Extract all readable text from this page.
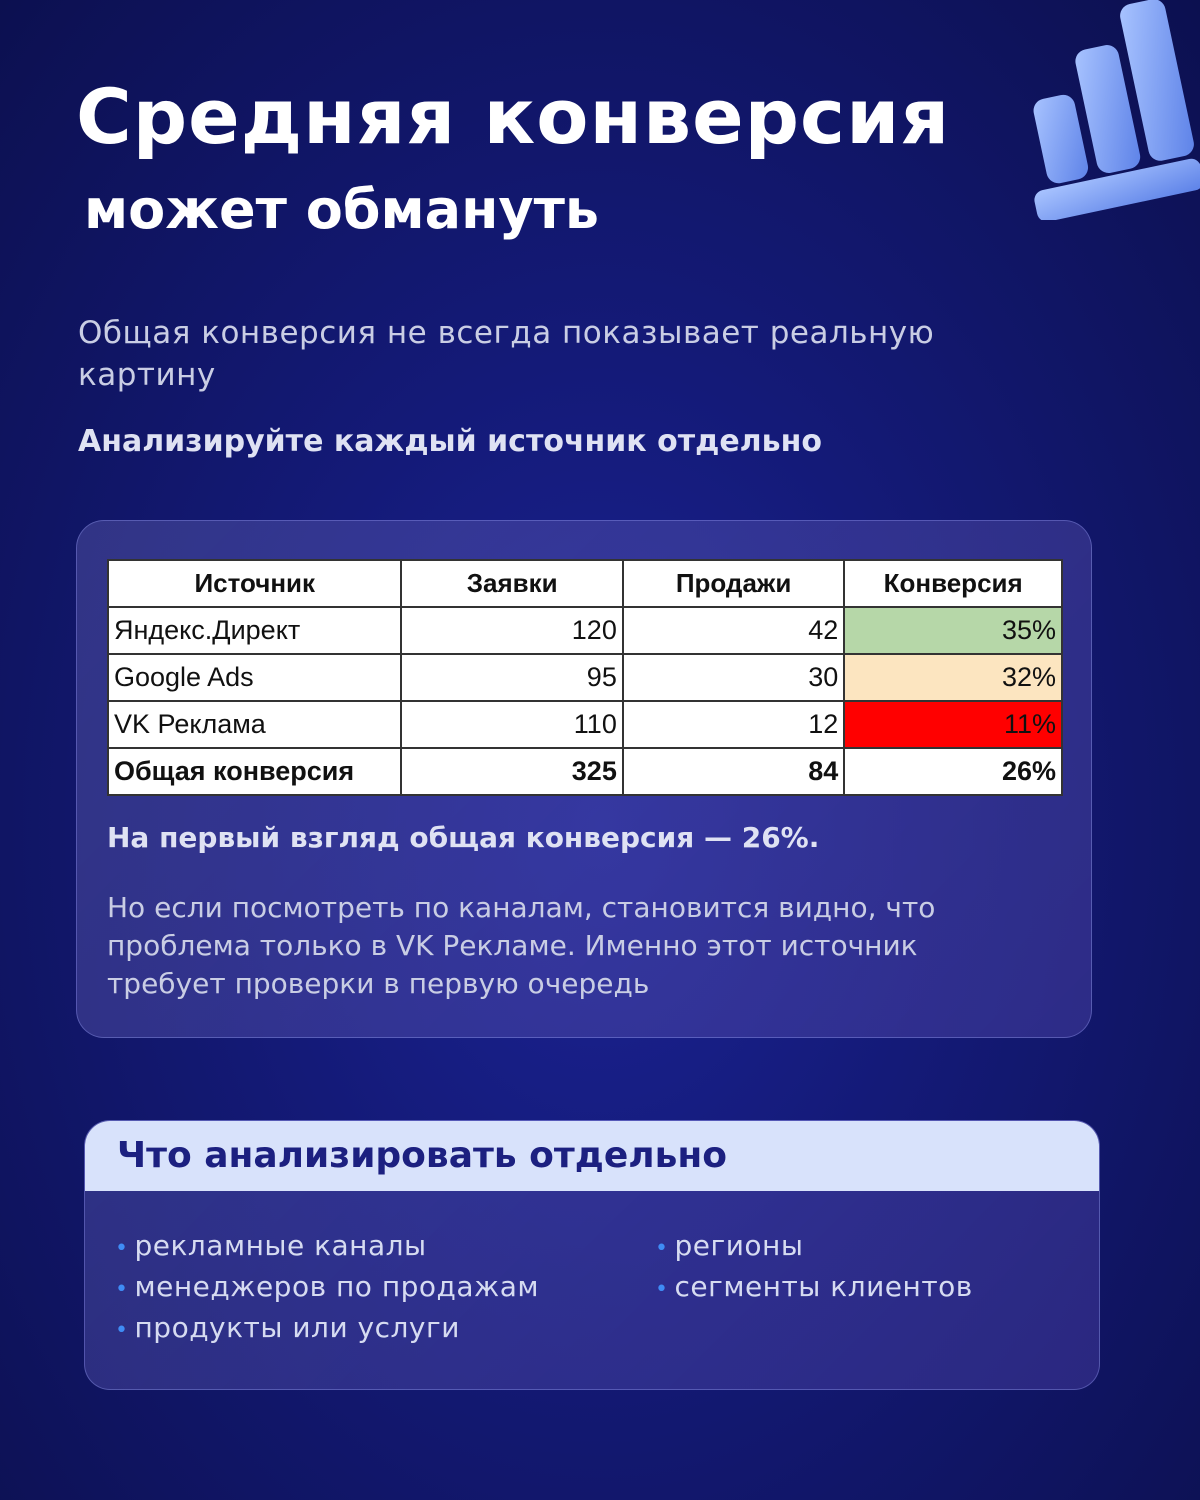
Средняя конверсия
может обмануть
Общая конверсия не всегда показывает реальную картину
Анализируйте каждый источник отдельно
Источник	Заявки	Продажи	Конверсия
Яндекс.Директ	120	42	35%
Google Ads	95	30	32%
VK Реклама	110	12	11%
Общая конверсия	325	84	26%
На первый взгляд общая конверсия — 26%.
Но если посмотреть по каналам, становится видно, что проблема только в VK Рекламе. Именно этот источник требует проверки в первую очередь
Что анализировать отдельно
• рекламные каналы
• менеджеров по продажам
• продукты или услуги
• регионы
• сегменты клиентов
